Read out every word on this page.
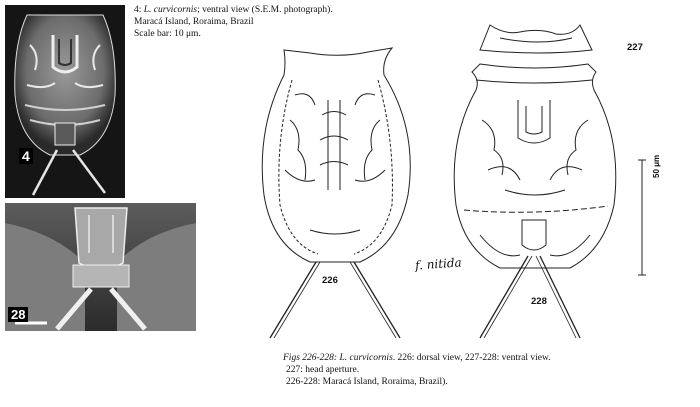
4
28
4: L. curvicornis; ventral view (S.E.M. photograph).
Maracá Island, Roraima, Brazil
Scale bar: 10 μm.
226
227
228
50 μm
f. nitida
Figs 226-228: L. curvicornis. 226: dorsal view, 227-228: ventral view.
227: head aperture.
226-228: Maracá Island, Roraima, Brazil).
